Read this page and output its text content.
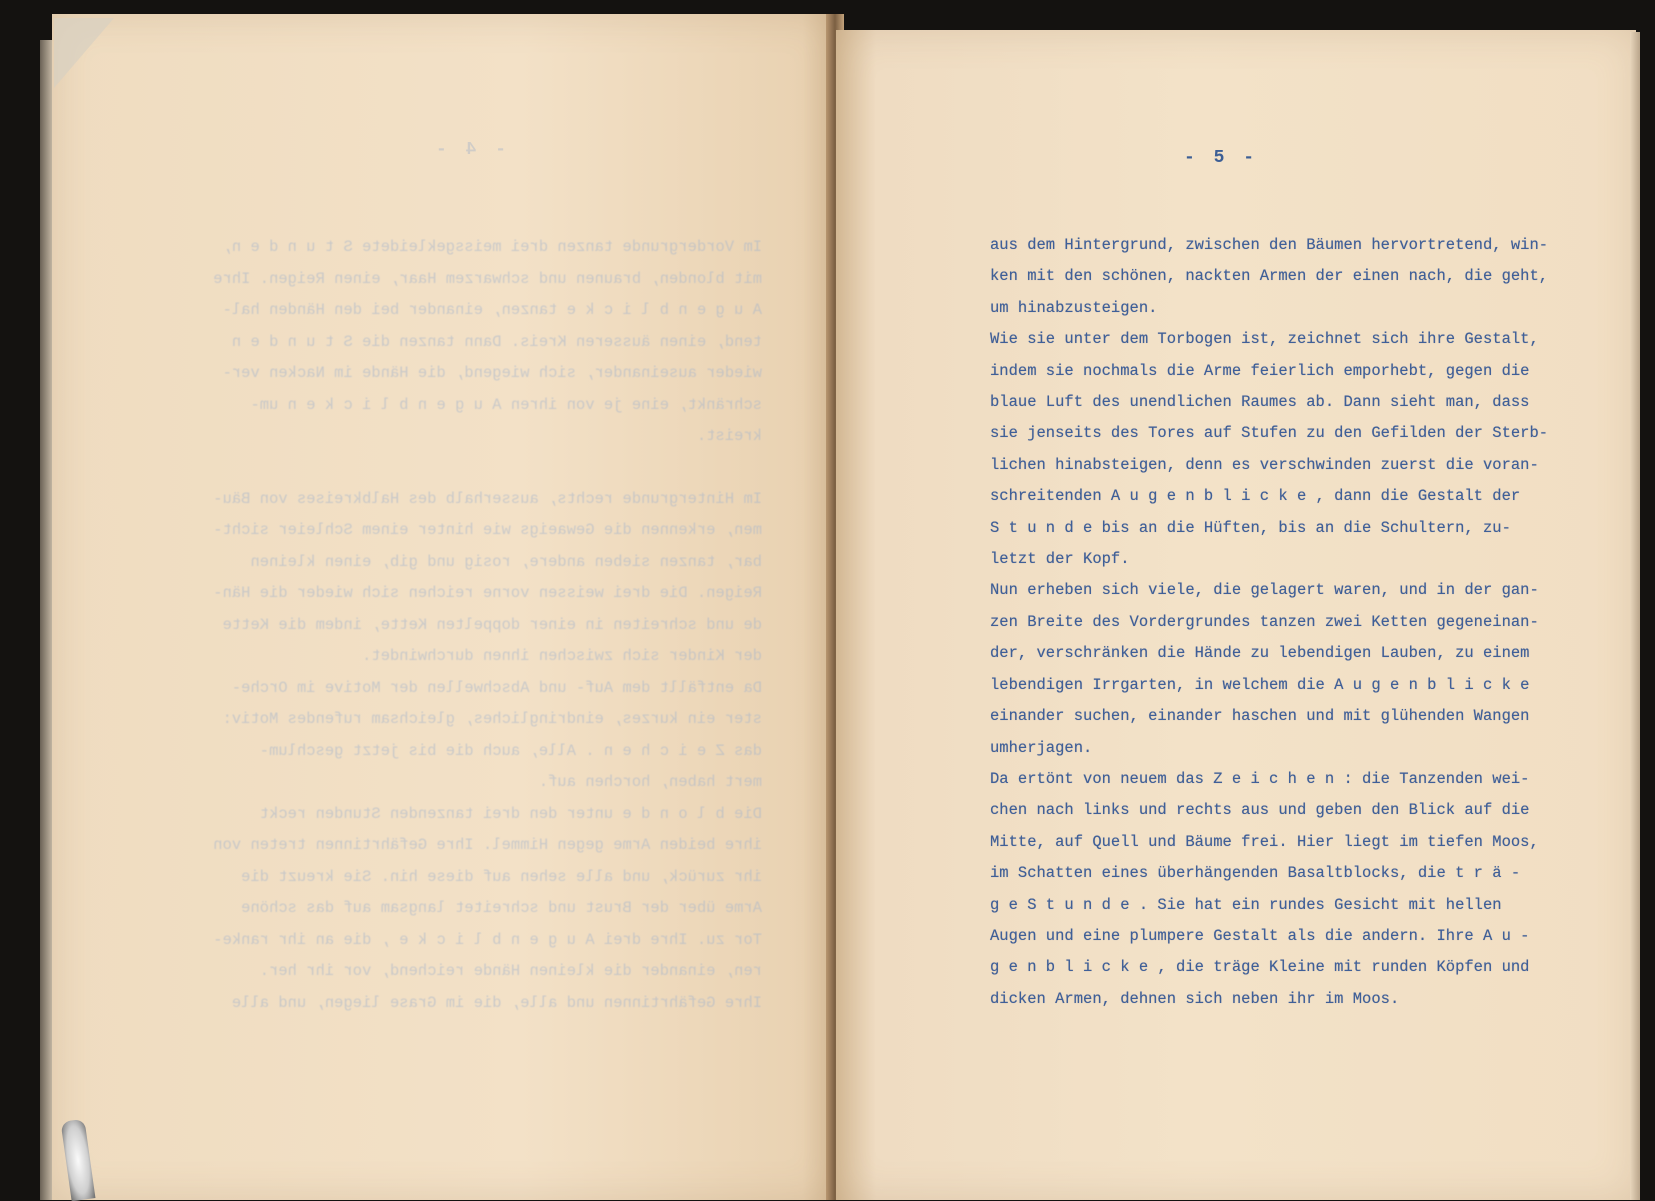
- 4 -
Im Vordergrunde tanzen drei meissgekleidete S t u n d e n,
mit blonden, braunen und schwarzem Haar, einen Reigen. Ihre
A u g e n b l i c k e tanzen, einander bei den Händen hal-
tend, einen äusseren Kreis. Dann tanzen die S t u n d e n
wieder auseinander, sich wiegend, die Hände im Nacken ver-
schränkt, eine je von ihren A u g e n b l i c k e n um-
kreist.
Im Hintergrunde rechts, ausserhalb des Halbkreises von Bäu-
men, erkennen die Gewaeigs wie hinter einem Schleier sicht-
bar, tanzen sieben andere, rosig und gib, einen kleinen
Reigen. Die drei weissen vorne reichen sich wieder die Hän-
de und schreiten in einer doppelten Kette, indem die Kette
der Kinder sich zwischen ihnen durchwindet.
Da entfällt dem Auf- und Abschwellen der Motive im Orche-
ster ein kurzes, eindringliches, gleichsam rufendes Motiv:
das Z e i c h e n . Alle, auch die bis jetzt geschlum-
mert haben, horchen auf.
Die b l o n d e unter den drei tanzenden Stunden reckt
ihre beiden Arme gegen Himmel. Ihre Gefährtinnen treten von
ihr zurück, und alle sehen auf diese hin. Sie kreuzt die
Arme über der Brust und schreitet langsam auf das schöne
Tor zu. Ihre drei A u g e n b l i c k e , die an ihr ranke-
ren, einander die kleinen Hände reichend, vor ihr her.
Ihre Gefährtinnen und alle, die im Grase liegen, und alle
- 5 -
aus dem Hintergrund, zwischen den Bäumen hervortretend, win-
ken mit den schönen, nackten Armen der einen nach, die geht,
um hinabzusteigen.
Wie sie unter dem Torbogen ist, zeichnet sich ihre Gestalt,
indem sie nochmals die Arme feierlich emporhebt, gegen die
blaue Luft des unendlichen Raumes ab. Dann sieht man, dass
sie jenseits des Tores auf Stufen zu den Gefilden der Sterb-
lichen hinabsteigen, denn es verschwinden zuerst die voran-
schreitenden A u g e n b l i c k e , dann die Gestalt der
S t u n d e bis an die Hüften, bis an die Schultern, zu-
letzt der Kopf.
Nun erheben sich viele, die gelagert waren, und in der gan-
zen Breite des Vordergrundes tanzen zwei Ketten gegeneinan-
der, verschränken die Hände zu lebendigen Lauben, zu einem
lebendigen Irrgarten, in welchem die A u g e n b l i c k e
einander suchen, einander haschen und mit glühenden Wangen
umherjagen.
Da ertönt von neuem das Z e i c h e n : die Tanzenden wei-
chen nach links und rechts aus und geben den Blick auf die
Mitte, auf Quell und Bäume frei. Hier liegt im tiefen Moos,
im Schatten eines überhängenden Basaltblocks, die t r ä -
g e S t u n d e . Sie hat ein rundes Gesicht mit hellen
Augen und eine plumpere Gestalt als die andern. Ihre A u -
g e n b l i c k e , die träge Kleine mit runden Köpfen und
dicken Armen, dehnen sich neben ihr im Moos.
